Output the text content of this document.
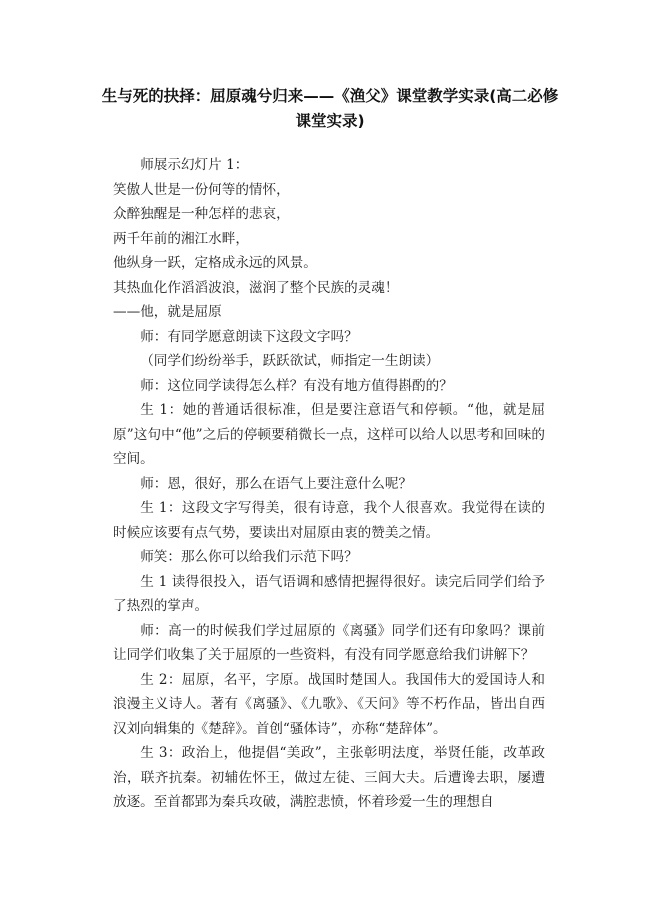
生与死的抉择：屈原魂兮归来——《渔父》课堂教学实录(高二必修课堂实录)

师展示幻灯片 1：

笑傲人世是一份何等的情怀，

众醉独醒是一种怎样的悲哀，

两千年前的湘江水畔，

他纵身一跃，定格成永远的风景。

其热血化作滔滔波浪，滋润了整个民族的灵魂！

——他，就是屈原

师：有同学愿意朗读下这段文字吗？

（同学们纷纷举手，跃跃欲试，师指定一生朗读）

师：这位同学读得怎么样？有没有地方值得斟酌的？

生 1：她的普通话很标准，但是要注意语气和停顿。“他，就是屈原”这句中“他”之后的停顿要稍微长一点，这样可以给人以思考和回味的空间。

师：恩，很好，那么在语气上要注意什么呢？

生 1：这段文字写得美，很有诗意，我个人很喜欢。我觉得在读的时候应该要有点气势，要读出对屈原由衷的赞美之情。

师笑：那么你可以给我们示范下吗？

生 1 读得很投入，语气语调和感情把握得很好。读完后同学们给予了热烈的掌声。

师：高一的时候我们学过屈原的《离骚》同学们还有印象吗？课前让同学们收集了关于屈原的一些资料，有没有同学愿意给我们讲解下？

生 2：屈原，名平，字原。战国时楚国人。我国伟大的爱国诗人和浪漫主义诗人。著有《离骚》、《九歌》、《天问》等不朽作品，皆出自西汉刘向辑集的《楚辞》。首创“骚体诗”，亦称“楚辞体”。

生 3：政治上，他提倡“美政”，主张彰明法度，举贤任能，改革政治，联齐抗秦。初辅佐怀王，做过左徒、三闾大夫。后遭谗去职，屡遭放逐。至首都郢为秦兵攻破，满腔悲愤，怀着珍爱一生的理想自
